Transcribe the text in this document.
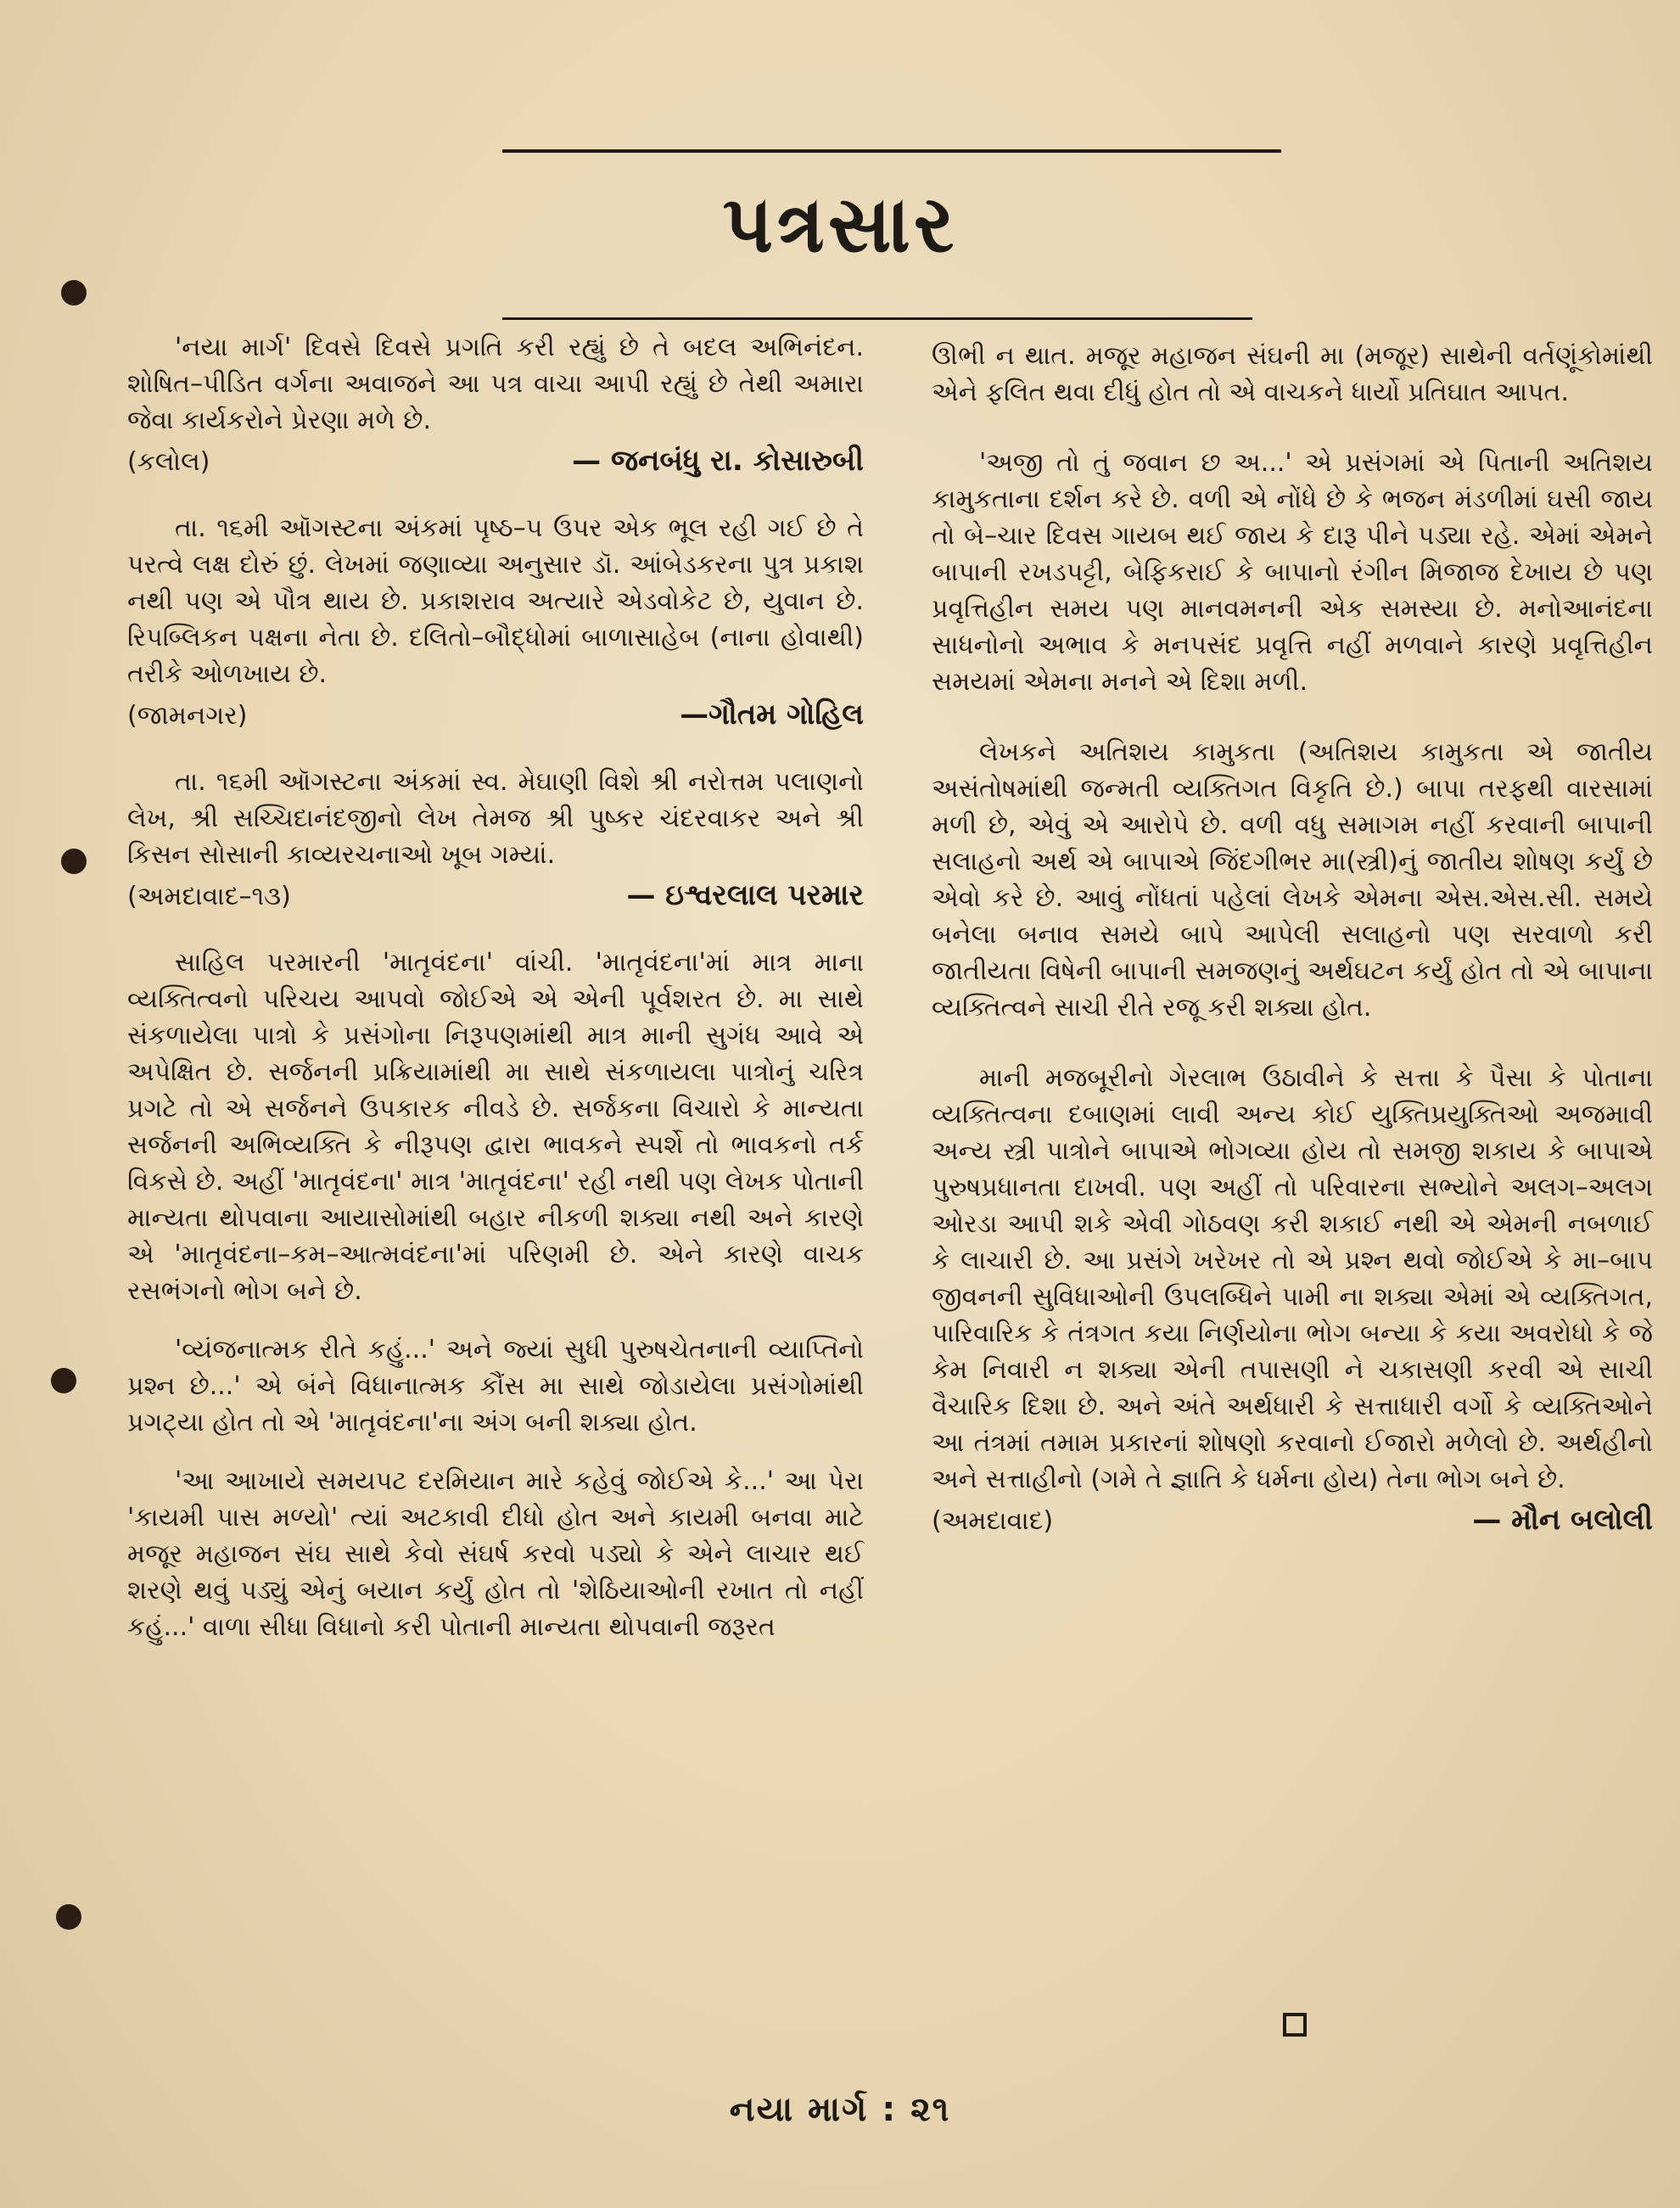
પત્રસાર

'નયા માર્ગ' દિવસે દિવસે પ્રગતિ કરી રહ્યું છે તે બદલ અભિનંદન. શોષિત–પીડિત વર્ગના અવાજને આ પત્ર વાચા આપી રહ્યું છે તેથી અમારા જેવા કાર્યકરોને પ્રેરણા મળે છે.

(કલોલ)	— જનબંધુ રા. કોસારુબી

તા. ૧૬મી ઑગસ્ટના અંકમાં પૃષ્ઠ–૫ ઉપર એક ભૂલ રહી ગઈ છે તે પરત્વે લક્ષ દોરું છું. લેખમાં જણાવ્યા અનુસાર ડૉ. આંબેડકરના પુત્ર પ્રકાશ નથી પણ એ પૌત્ર થાય છે. પ્રકાશરાવ અત્યારે એડવોકેટ છે, યુવાન છે. રિપબ્લિકન પક્ષના નેતા છે. દલિતો–બૌદ્ધોમાં બાળાસાહેબ (નાના હોવાથી) તરીકે ઓળખાય છે.

(જામનગર)	—ગૌતમ ગોહિલ

તા. ૧૬મી ઑગસ્ટના અંકમાં સ્વ. મેઘાણી વિશે શ્રી નરોત્તમ પલાણનો લેખ, શ્રી સચ્ચિદાનંદજીનો લેખ તેમજ શ્રી પુષ્કર ચંદરવાકર અને શ્રી કિસન સોસાની કાવ્યરચનાઓ ખૂબ ગમ્યાં.

(અમદાવાદ–૧૩)	— ઇશ્વરલાલ પરમાર

સાહિલ પરમારની 'માતૃવંદના' વાંચી. 'માતૃવંદના'માં માત્ર માના વ્યક્તિત્વનો પરિચય આપવો જોઈએ એ એની પૂર્વશરત છે. મા સાથે સંકળાયેલા પાત્રો કે પ્રસંગોના નિરૂપણમાંથી માત્ર માની સુગંધ આવે એ અપેક્ષિત છે. સર્જનની પ્રક્રિયામાંથી મા સાથે સંકળાયલા પાત્રોનું ચરિત્ર પ્રગટે તો એ સર્જનને ઉપકારક નીવડે છે. સર્જકના વિચારો કે માન્યતા સર્જનની અભિવ્યક્તિ કે નીરૂપણ દ્વારા ભાવકને સ્પર્શે તો ભાવકનો તર્ક વિકસે છે. અહીં 'માતૃવંદના' માત્ર 'માતૃવંદના' રહી નથી પણ લેખક પોતાની માન્યતા થોપવાના આયાસોમાંથી બહાર નીકળી શક્યા નથી અને કારણે એ 'માતૃવંદના–કમ–આત્મવંદના'માં પરિણમી છે. એને કારણે વાચક રસભંગનો ભોગ બને છે.

'વ્યંજનાત્મક રીતે કહું...' અને જ્યાં સુધી પુરુષચેતનાની વ્યાપ્તિનો પ્રશ્ન છે...' એ બંને વિધાનાત્મક કૌંસ મા સાથે જોડાયેલા પ્રસંગોમાંથી પ્રગટ્યા હોત તો એ 'માતૃવંદના'ના અંગ બની શક્યા હોત.

'આ આખાયે સમયપટ દરમિયાન મારે કહેવું જોઈએ કે...' આ પેરા 'કાયમી પાસ મળ્યો' ત્યાં અટકાવી દીધો હોત અને કાયમી બનવા માટે મજૂર મહાજન સંઘ સાથે કેવો સંઘર્ષ કરવો પડ્યો કે એને લાચાર થઈ શરણે થવું પડ્યું એનું બયાન કર્યું હોત તો 'શેઠિયાઓની રખાત તો નહીં કહું...' વાળા સીધા વિધાનો કરી પોતાની માન્યતા થોપવાની જરૂરત

ઊભી ન થાત. મજૂર મહાજન સંઘની મા (મજૂર) સાથેની વર્તણૂંકોમાંથી એને ફલિત થવા દીધું હોત તો એ વાચકને ધાર્યો પ્રતિઘાત આપત.

'અજી તો તું જવાન છ અ...' એ પ્રસંગમાં એ પિતાની અતિશય કામુકતાના દર્શન કરે છે. વળી એ નોંધે છે કે ભજન મંડળીમાં ઘસી જાય તો બે–ચાર દિવસ ગાયબ થઈ જાય કે દારૂ પીને પડ્યા રહે. એમાં એમને બાપાની રખડપટ્ટી, બેફિકરાઈ કે બાપાનો રંગીન મિજાજ દેખાય છે પણ પ્રવૃત્તિહીન સમય પણ માનવમનની એક સમસ્યા છે. મનોઆનંદના સાધનોનો અભાવ કે મનપસંદ પ્રવૃત્તિ નહીં મળવાને કારણે પ્રવૃત્તિહીન સમયમાં એમના મનને એ દિશા મળી.

લેખકને અતિશય કામુકતા (અતિશય કામુકતા એ જાતીય અસંતોષમાંથી જન્મતી વ્યક્તિગત વિકૃતિ છે.) બાપા તરફથી વારસામાં મળી છે, એવું એ આરોપે છે. વળી વધુ સમાગમ નહીં કરવાની બાપાની સલાહનો અર્થ એ બાપાએ જિંદગીભર મા(સ્ત્રી)નું જાતીય શોષણ કર્યું છે એવો કરે છે. આવું નોંધતાં પહેલાં લેખકે એમના એસ.એસ.સી. સમયે બનેલા બનાવ સમયે બાપે આપેલી સલાહનો પણ સરવાળો કરી જાતીયતા વિષેની બાપાની સમજણનું અર્થઘટન કર્યું હોત તો એ બાપાના વ્યક્તિત્વને સાચી રીતે રજૂ કરી શક્યા હોત.

માની મજબૂરીનો ગેરલાભ ઉઠાવીને કે સત્તા કે પૈસા કે પોતાના વ્યક્તિત્વના દબાણમાં લાવી અન્ય કોઈ યુક્તિપ્રયુક્તિઓ અજમાવી અન્ય સ્ત્રી પાત્રોને બાપાએ ભોગવ્યા હોય તો સમજી શકાય કે બાપાએ પુરુષપ્રધાનતા દાખવી. પણ અહીં તો પરિવારના સભ્યોને અલગ–અલગ ઓરડા આપી શકે એવી ગોઠવણ કરી શકાઈ નથી એ એમની નબળાઈ કે લાચારી છે. આ પ્રસંગે ખરેખર તો એ પ્રશ્ન થવો જોઈએ કે મા–બાપ જીવનની સુવિધાઓની ઉપલબ્ધિને પામી ના શક્યા એમાં એ વ્યક્તિગત, પારિવારિક કે તંત્રગત કયા નિર્ણયોના ભોગ બન્યા કે કયા અવરોધો કે જે કેમ નિવારી ન શક્યા એની તપાસણી ને ચકાસણી કરવી એ સાચી વૈચારિક દિશા છે. અને અંતે અર્થધારી કે સત્તાધારી વર્ગો કે વ્યક્તિઓને આ તંત્રમાં તમામ પ્રકારનાં શોષણો કરવાનો ઈજારો મળેલો છે. અર્થહીનો અને સત્તાહીનો (ગમે તે જ્ઞાતિ કે ધર્મના હોય) તેના ભોગ બને છે.

(અમદાવાદ)	— મૌન બલોલી
નયા માર્ગ : ૨૧
